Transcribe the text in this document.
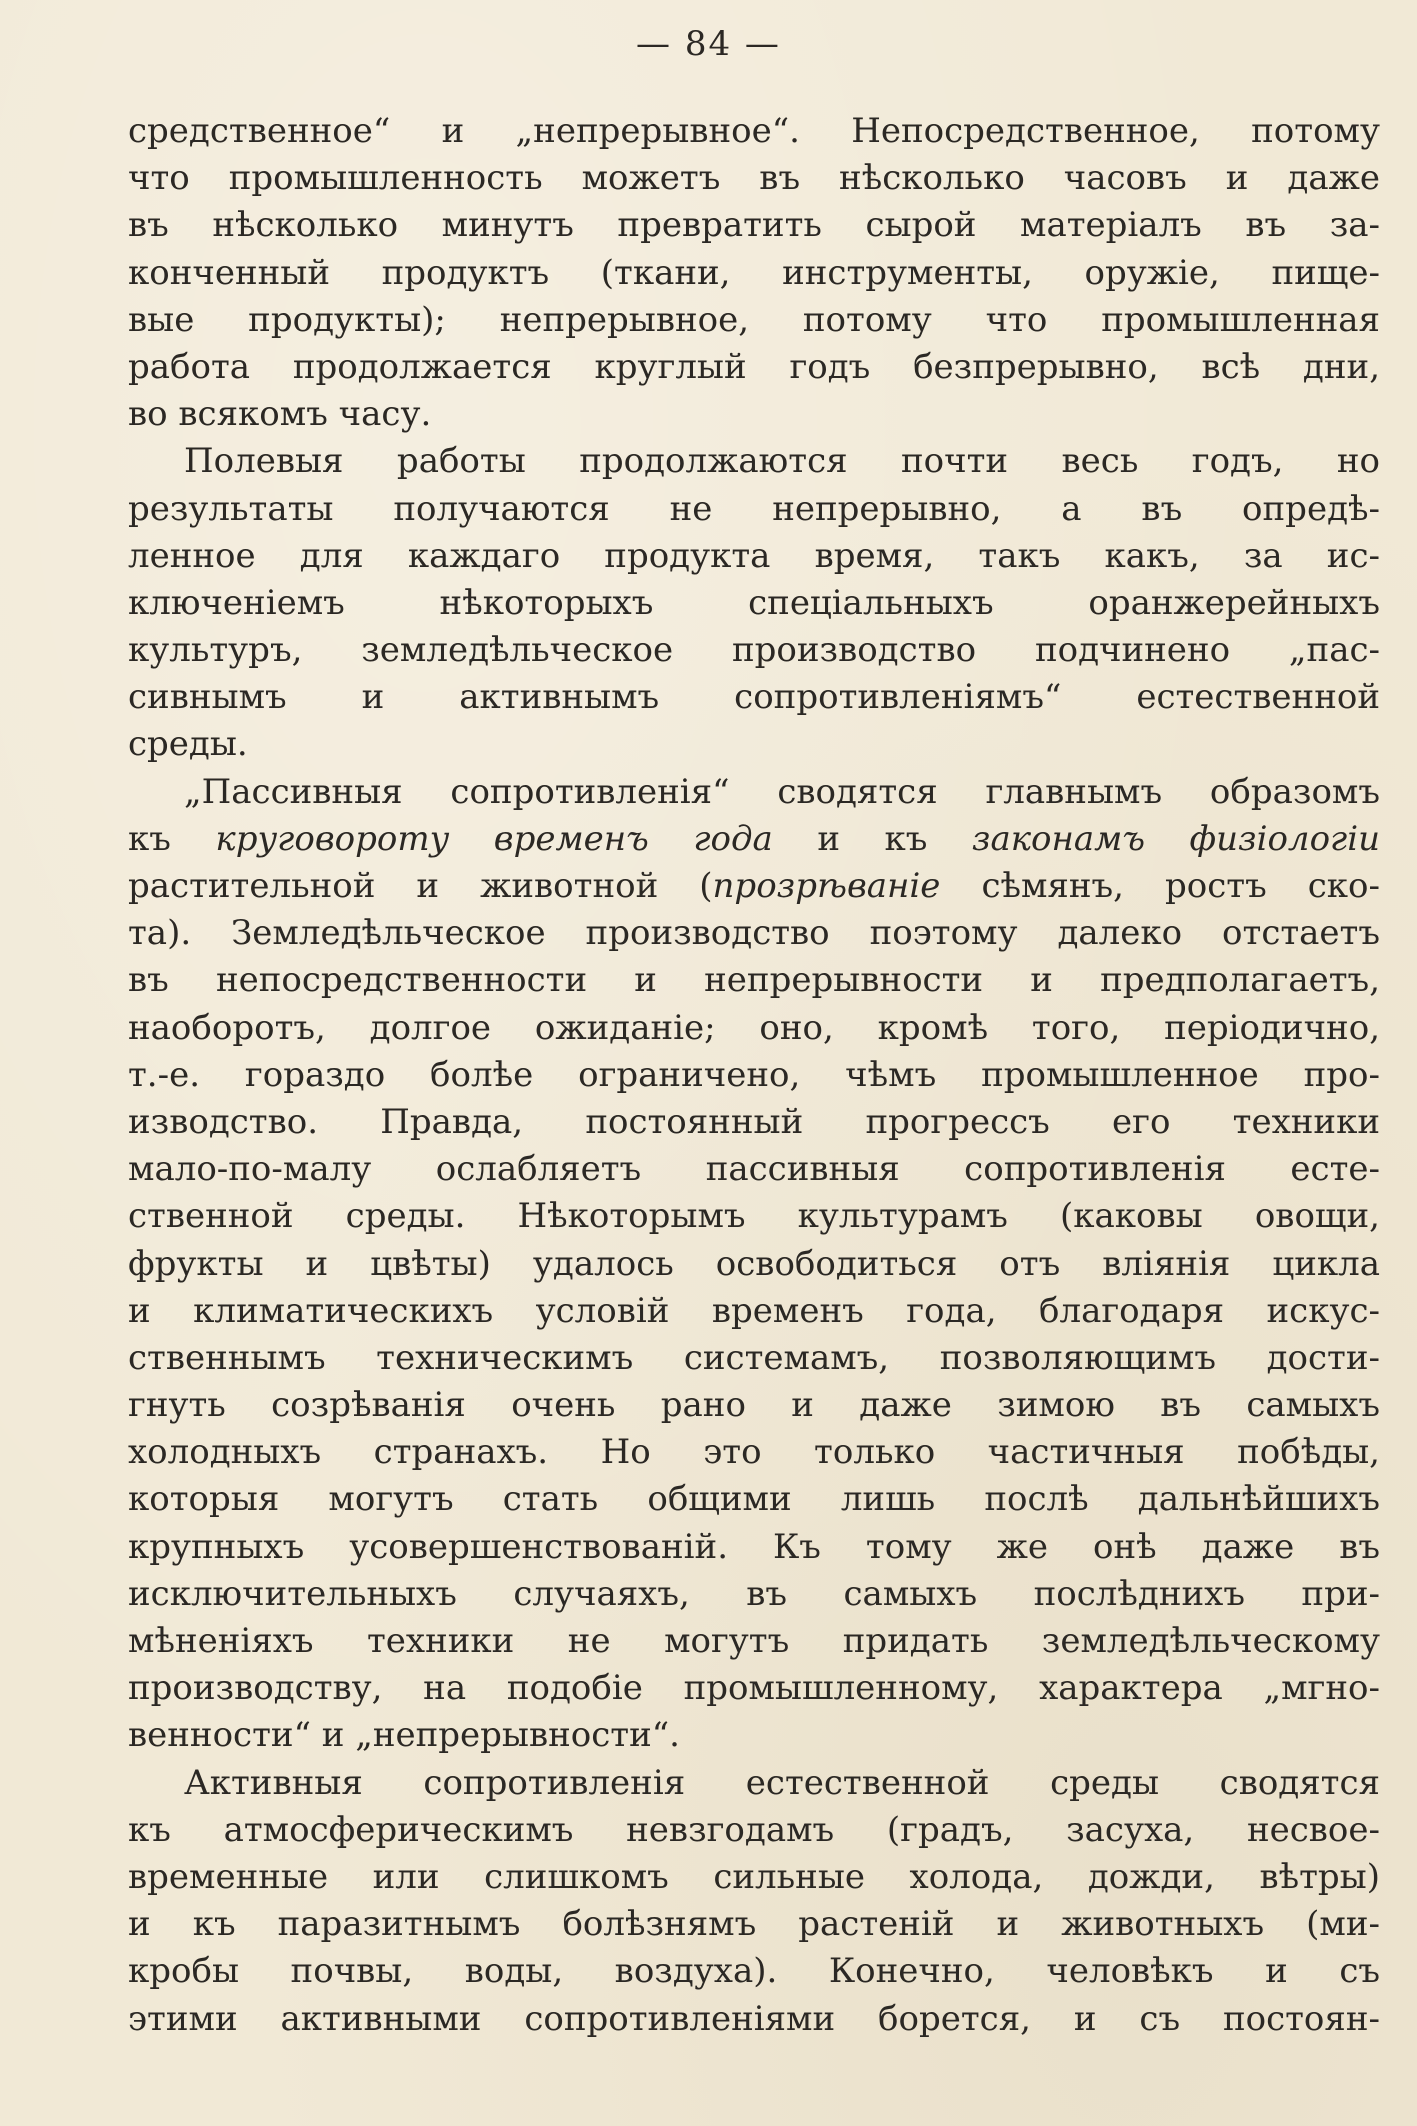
— 84 —

средственное“ и „непрерывное“. Непосредственное, потому
что промышленность можетъ въ нѣсколько часовъ и даже
въ нѣсколько минутъ превратить сырой матеріалъ въ за-
конченный продуктъ (ткани, инструменты, оружіе, пище-
вые продукты); непрерывное, потому что промышленная
работа продолжается круглый годъ безпрерывно, всѣ дни,
во всякомъ часу.

Полевыя работы продолжаются почти весь годъ, но
результаты получаются не непрерывно, а въ опредѣ-
ленное для каждаго продукта время, такъ какъ, за ис-
ключеніемъ нѣкоторыхъ спеціальныхъ оранжерейныхъ
культуръ, земледѣльческое производство подчинено „пас-
сивнымъ и активнымъ сопротивленіямъ“ естественной
среды.

„Пассивныя сопротивленія“ сводятся главнымъ образомъ
къ круговороту временъ года и къ законамъ физіологіи
растительной и животной (прозрѣваніе сѣмянъ, ростъ ско-
та). Земледѣльческое производство поэтому далеко отстаетъ
въ непосредственности и непрерывности и предполагаетъ,
наоборотъ, долгое ожиданіе; оно, кромѣ того, періодично,
т.-е. гораздо болѣе ограничено, чѣмъ промышленное про-
изводство. Правда, постоянный прогрессъ его техники
мало-по-малу ослабляетъ пассивныя сопротивленія есте-
ственной среды. Нѣкоторымъ культурамъ (каковы овощи,
фрукты и цвѣты) удалось освободиться отъ вліянія цикла
и климатическихъ условій временъ года, благодаря искус-
ственнымъ техническимъ системамъ, позволяющимъ дости-
гнуть созрѣванія очень рано и даже зимою въ самыхъ
холодныхъ странахъ. Но это только частичныя побѣды,
которыя могутъ стать общими лишь послѣ дальнѣйшихъ
крупныхъ усовершенствованій. Къ тому же онѣ даже въ
исключительныхъ случаяхъ, въ самыхъ послѣднихъ при-
мѣненіяхъ техники не могутъ придать земледѣльческому
производству, на подобіе промышленному, характера „мгно-
венности“ и „непрерывности“.

Активныя сопротивленія естественной среды сводятся
къ атмосферическимъ невзгодамъ (градъ, засуха, несвое-
временные или слишкомъ сильные холода, дожди, вѣтры)
и къ паразитнымъ болѣзнямъ растеній и животныхъ (ми-
кробы почвы, воды, воздуха). Конечно, человѣкъ и съ
этими активными сопротивленіями борется, и съ постоян-
